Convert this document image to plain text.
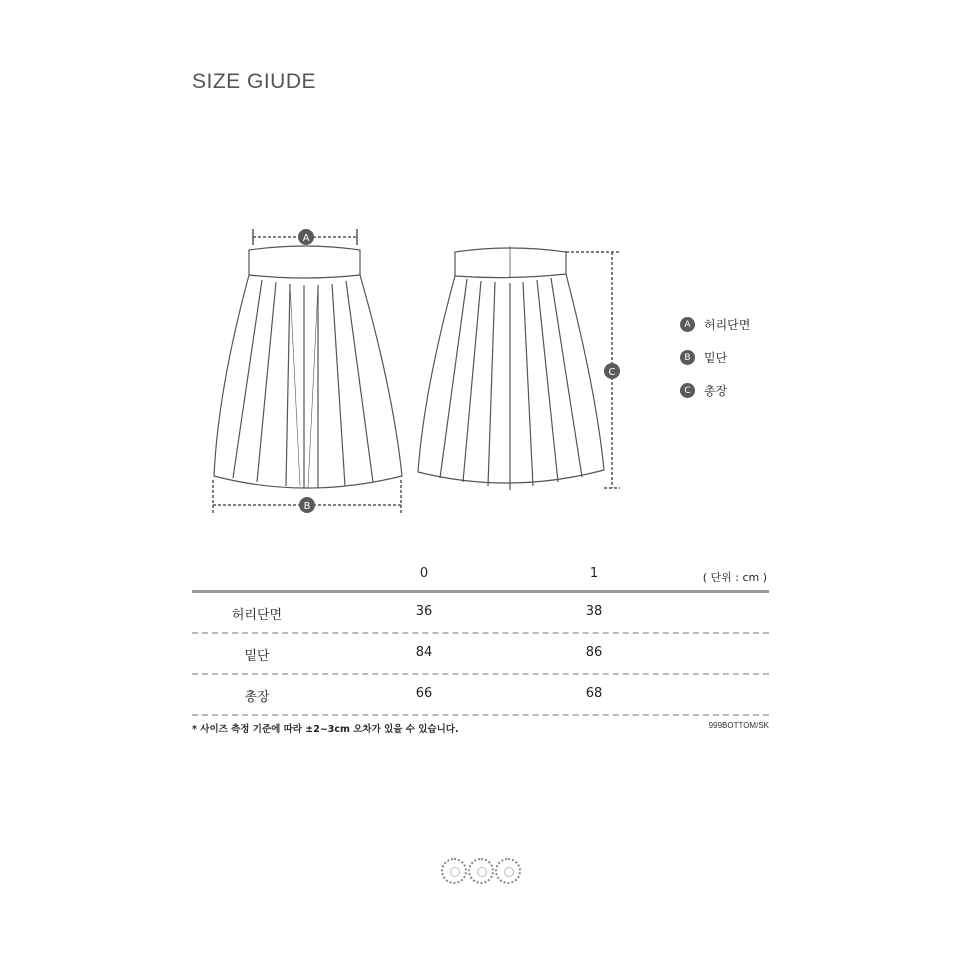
SIZE GIUDE
A
B
C
A	허리단면
B	밑단
C	총장
0	1	( 단위 : cm )
허리단면	36	38
밑단	84	86
총장	66	68
* 사이즈 측정 기준에 따라 ±2~3cm 오차가 있을 수 있습니다.	999BOTTOM/SK
